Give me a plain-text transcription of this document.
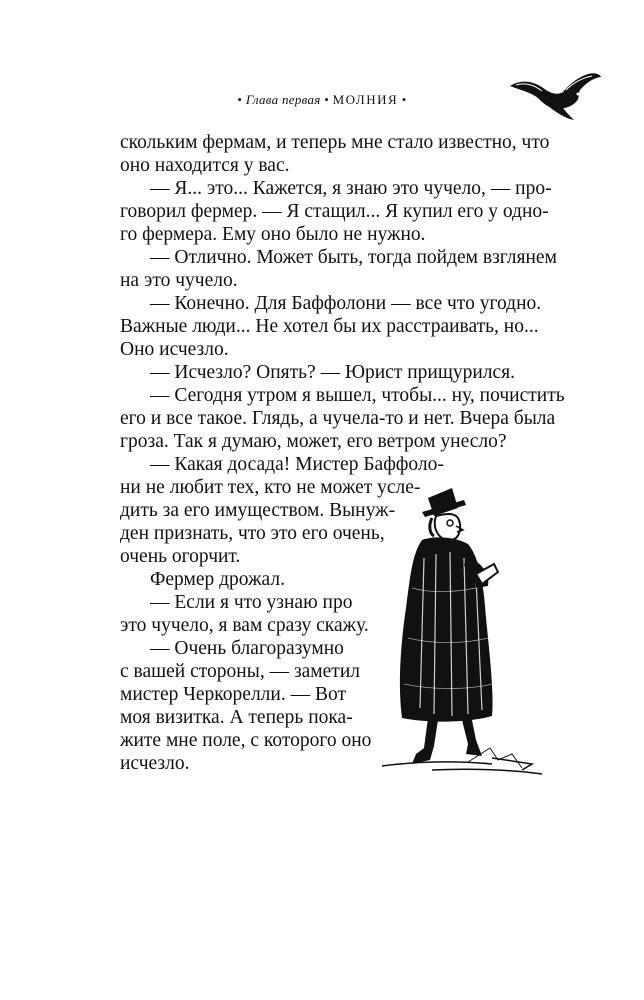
• Глава первая • МОЛНИЯ •
скольким фермам, и теперь мне стало известно, что
оно находится у вас.
— Я... это... Кажется, я знаю это чучело, — про-
говорил фермер. — Я стащил... Я купил его у одно-
го фермера. Ему оно было не нужно.
— Отлично. Может быть, тогда пойдем взглянем
на это чучело.
— Конечно. Для Баффолони — все что угодно.
Важные люди... Не хотел бы их расстраивать, но...
Оно исчезло.
— Исчезло? Опять? — Юрист прищурился.
— Сегодня утром я вышел, чтобы... ну, почистить
его и все такое. Глядь, а чучела-то и нет. Вчера была
гроза. Так я думаю, может, его ветром унесло?
— Какая досада! Мистер Баффоло-
ни не любит тех, кто не может усле-
дить за его имуществом. Вынуж-
ден признать, что это его очень,
очень огорчит.
Фермер дрожал.
— Если я что узнаю про
это чучело, я вам сразу скажу.
— Очень благоразумно
с вашей стороны, — заметил
мистер Черкорелли. — Вот
моя визитка. А теперь пока-
жите мне поле, с которого оно
исчезло.
